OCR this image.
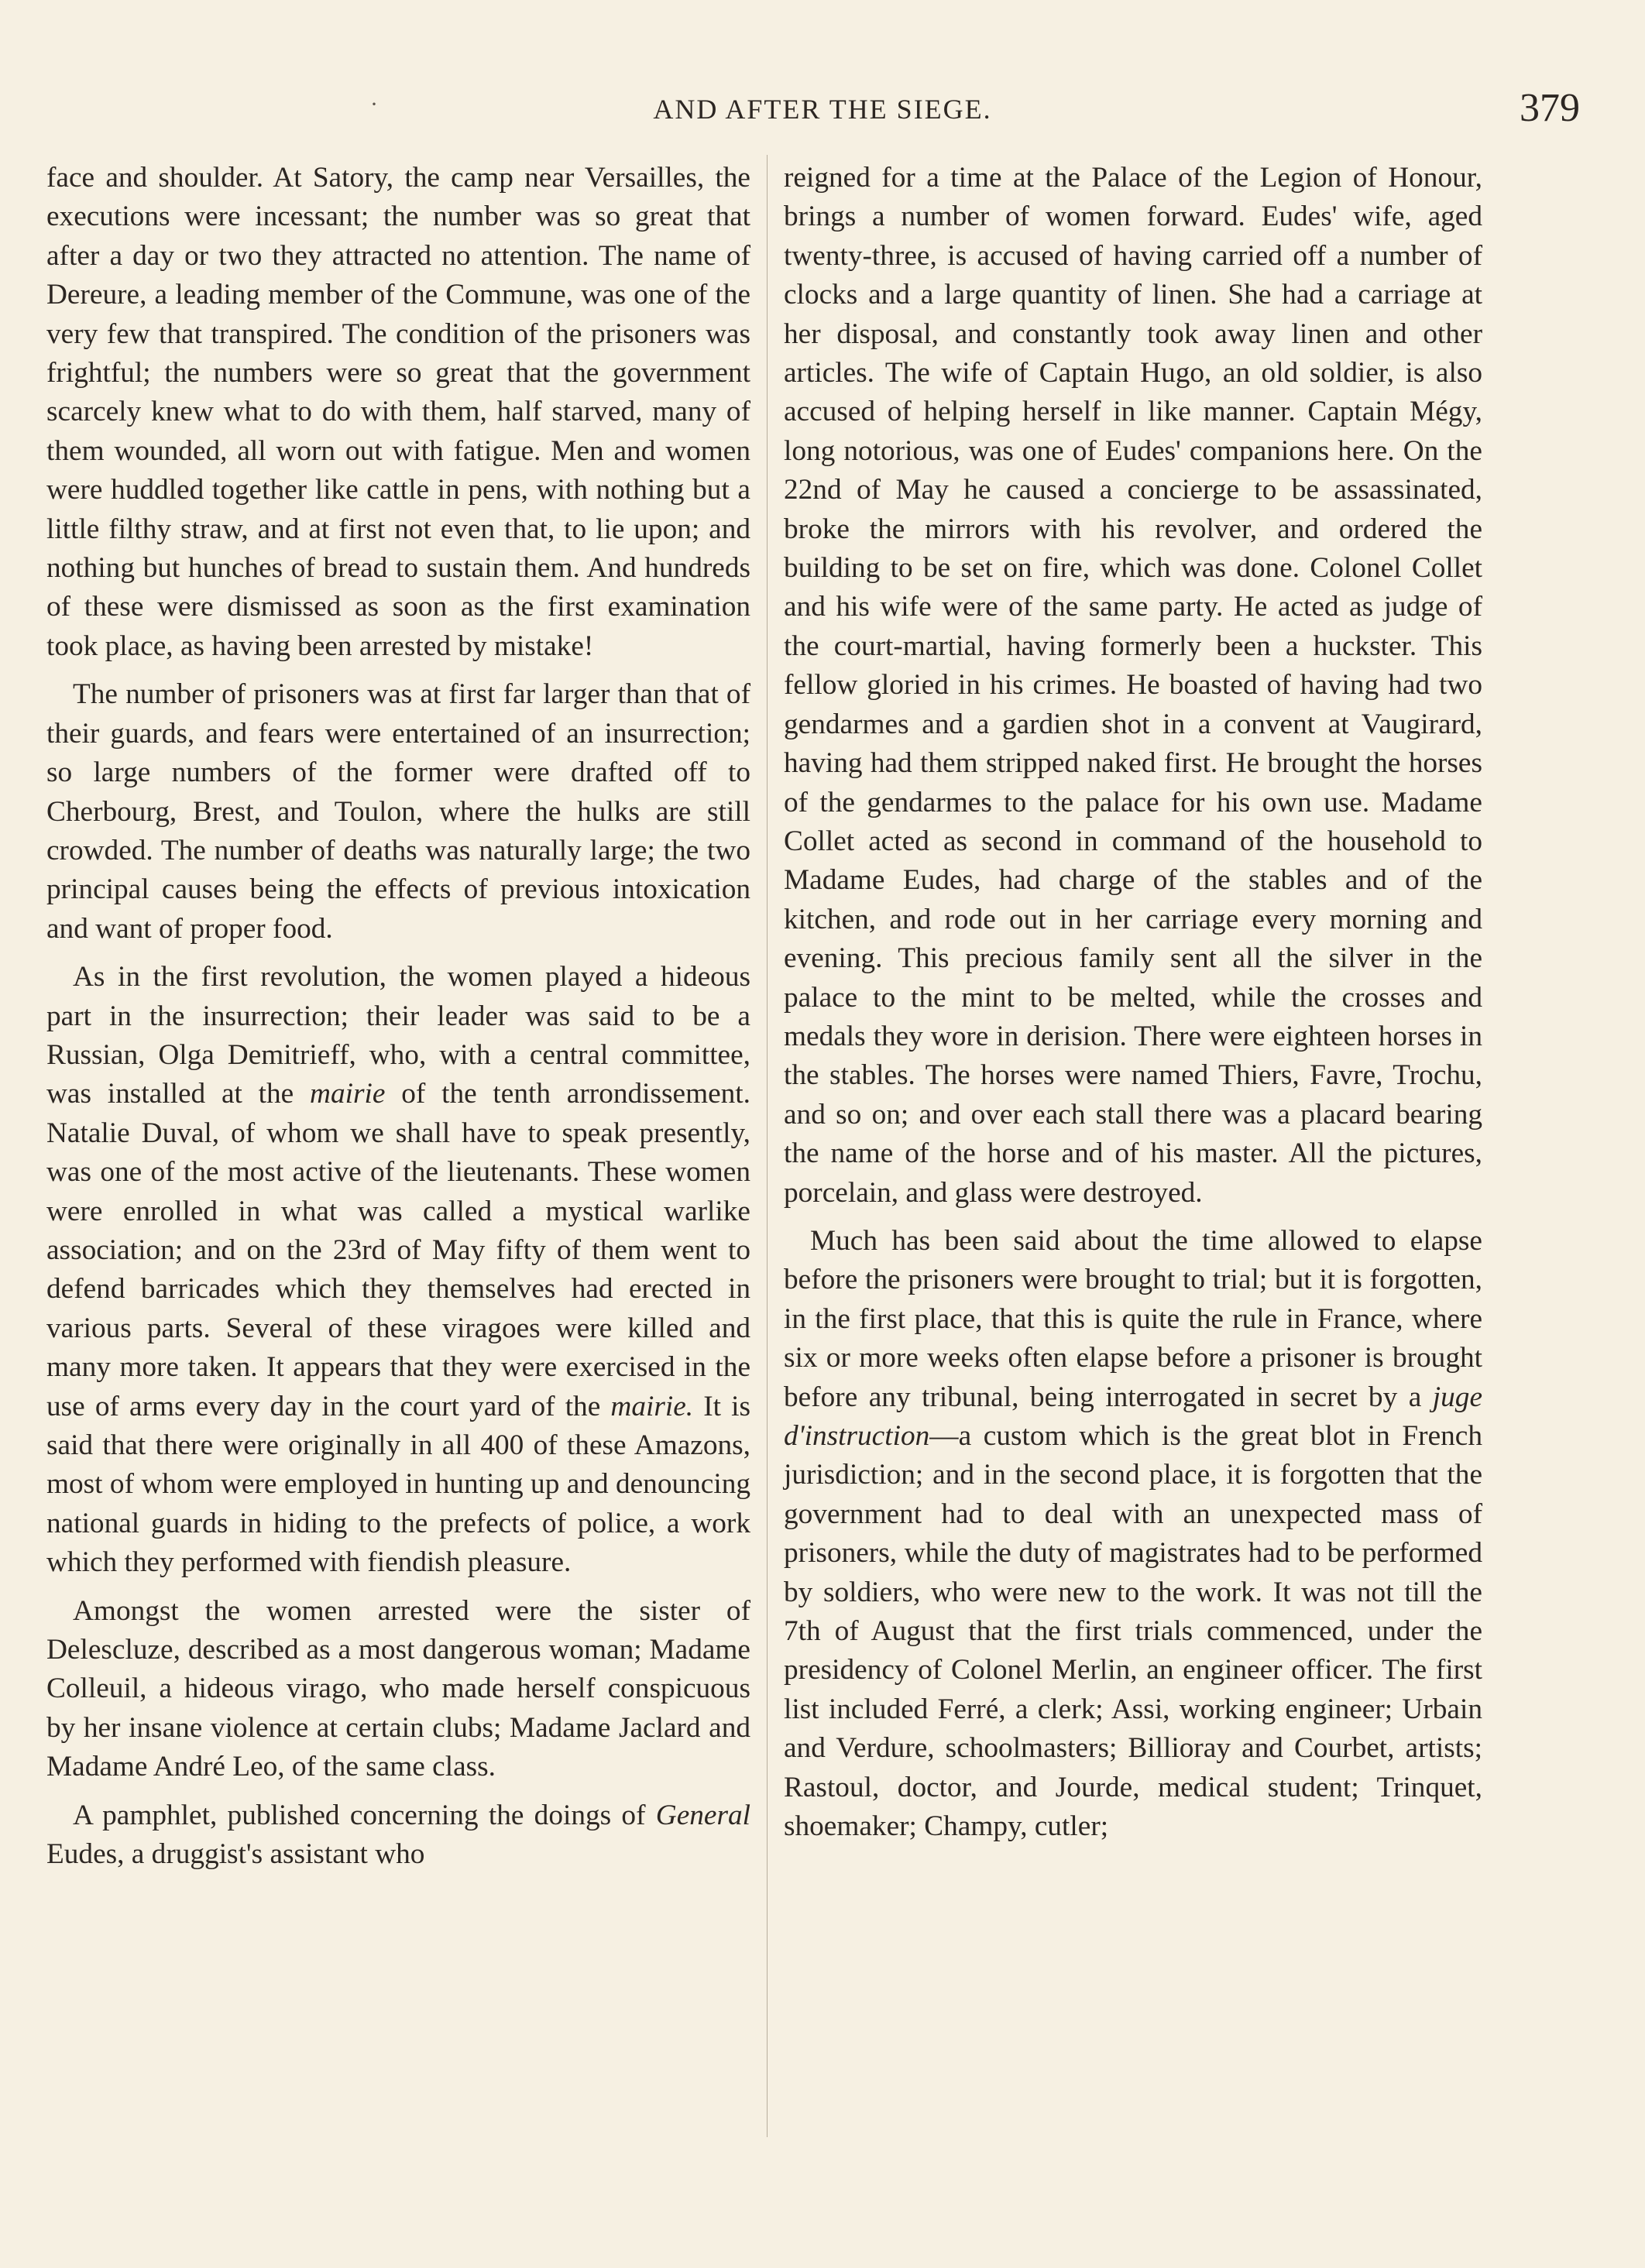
·	AND AFTER THE SIEGE.	379

face and shoulder. At Satory, the camp near Versailles, the executions were incessant; the number was so great that after a day or two they attracted no attention. The name of Dereure, a leading member of the Commune, was one of the very few that transpired. The condition of the prisoners was frightful; the numbers were so great that the government scarcely knew what to do with them, half starved, many of them wounded, all worn out with fatigue. Men and women were huddled together like cattle in pens, with nothing but a little filthy straw, and at first not even that, to lie upon; and nothing but hunches of bread to sustain them. And hundreds of these were dismissed as soon as the first examination took place, as having been arrested by mistake!

The number of prisoners was at first far larger than that of their guards, and fears were entertained of an insurrection; so large numbers of the former were drafted off to Cherbourg, Brest, and Toulon, where the hulks are still crowded. The number of deaths was naturally large; the two principal causes being the effects of previous intoxication and want of proper food.

As in the first revolution, the women played a hideous part in the insurrection; their leader was said to be a Russian, Olga Demitrieff, who, with a central committee, was installed at the mairie of the tenth arrondissement. Natalie Duval, of whom we shall have to speak presently, was one of the most active of the lieutenants. These women were enrolled in what was called a mystical warlike association; and on the 23rd of May fifty of them went to defend barricades which they themselves had erected in various parts. Several of these viragoes were killed and many more taken. It appears that they were exercised in the use of arms every day in the court yard of the mairie. It is said that there were originally in all 400 of these Amazons, most of whom were employed in hunting up and denouncing national guards in hiding to the prefects of police, a work which they performed with fiendish pleasure.

Amongst the women arrested were the sister of Delescluze, described as a most dangerous woman; Madame Colleuil, a hideous virago, who made herself conspicuous by her insane violence at certain clubs; Madame Jaclard and Madame André Leo, of the same class.

A pamphlet, published concerning the doings of General Eudes, a druggist's assistant who

reigned for a time at the Palace of the Legion of Honour, brings a number of women forward. Eudes' wife, aged twenty-three, is accused of having carried off a number of clocks and a large quantity of linen. She had a carriage at her disposal, and constantly took away linen and other articles. The wife of Captain Hugo, an old soldier, is also accused of helping herself in like manner. Captain Mégy, long notorious, was one of Eudes' companions here. On the 22nd of May he caused a concierge to be assassinated, broke the mirrors with his revolver, and ordered the building to be set on fire, which was done. Colonel Collet and his wife were of the same party. He acted as judge of the court-martial, having formerly been a huckster. This fellow gloried in his crimes. He boasted of having had two gendarmes and a gardien shot in a convent at Vaugirard, having had them stripped naked first. He brought the horses of the gendarmes to the palace for his own use. Madame Collet acted as second in command of the household to Madame Eudes, had charge of the stables and of the kitchen, and rode out in her carriage every morning and evening. This precious family sent all the silver in the palace to the mint to be melted, while the crosses and medals they wore in derision. There were eighteen horses in the stables. The horses were named Thiers, Favre, Trochu, and so on; and over each stall there was a placard bearing the name of the horse and of his master. All the pictures, porcelain, and glass were destroyed.

Much has been said about the time allowed to elapse before the prisoners were brought to trial; but it is forgotten, in the first place, that this is quite the rule in France, where six or more weeks often elapse before a prisoner is brought before any tribunal, being interrogated in secret by a juge d'instruction—a custom which is the great blot in French jurisdiction; and in the second place, it is forgotten that the government had to deal with an unexpected mass of prisoners, while the duty of magistrates had to be performed by soldiers, who were new to the work. It was not till the 7th of August that the first trials commenced, under the presidency of Colonel Merlin, an engineer officer. The first list included Ferré, a clerk; Assi, working engineer; Urbain and Verdure, schoolmasters; Billioray and Courbet, artists; Rastoul, doctor, and Jourde, medical student; Trinquet, shoemaker; Champy, cutler;
